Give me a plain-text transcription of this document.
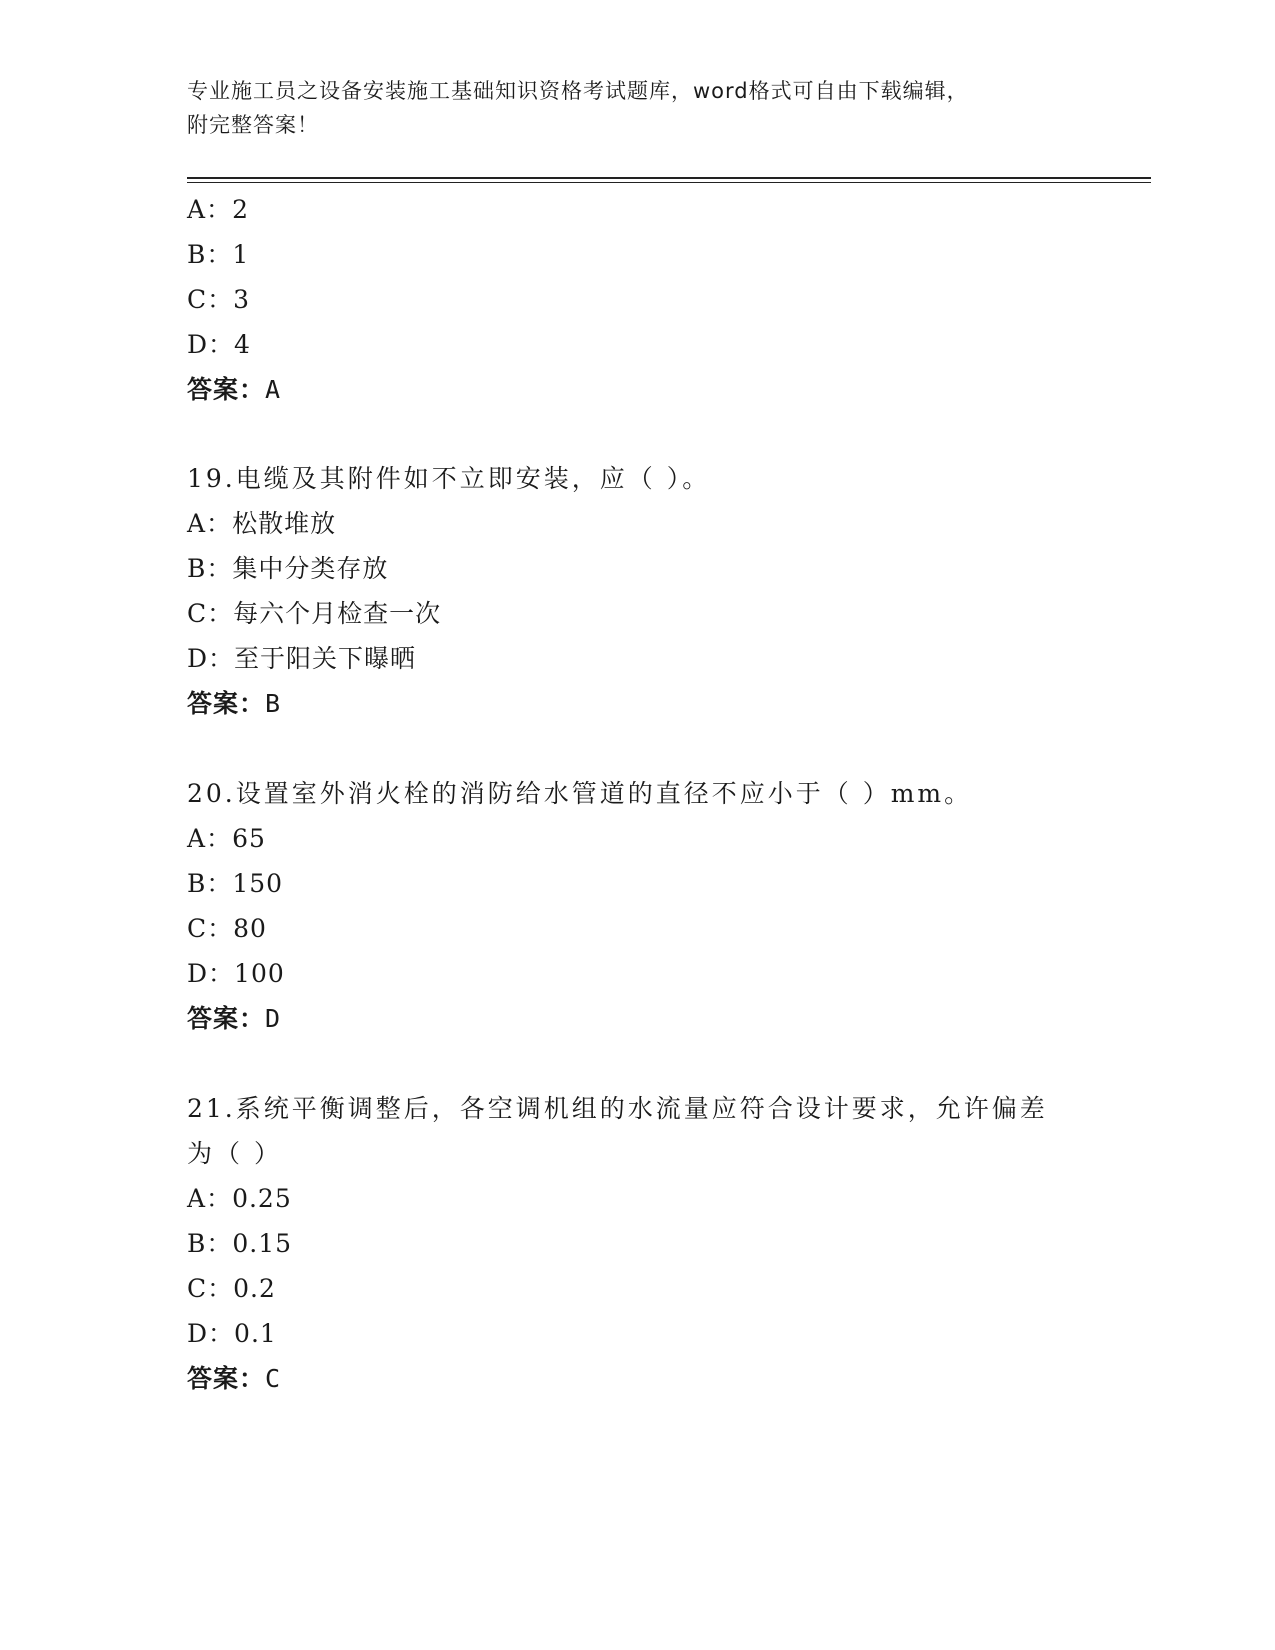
专业施工员之设备安装施工基础知识资格考试题库，word格式可自由下载编辑，
附完整答案！
A：2
B：1
C：3
D：4
答案：A
19.电缆及其附件如不立即安装，应（ ）。
A：松散堆放
B：集中分类存放
C：每六个月检查一次
D：至于阳关下曝晒
答案：B
20.设置室外消火栓的消防给水管道的直径不应小于（ ）mm。
A：65
B：150
C：80
D：100
答案：D
21.系统平衡调整后，各空调机组的水流量应符合设计要求，允许偏差
为（ ）
A：0.25
B：0.15
C：0.2
D：0.1
答案：C
